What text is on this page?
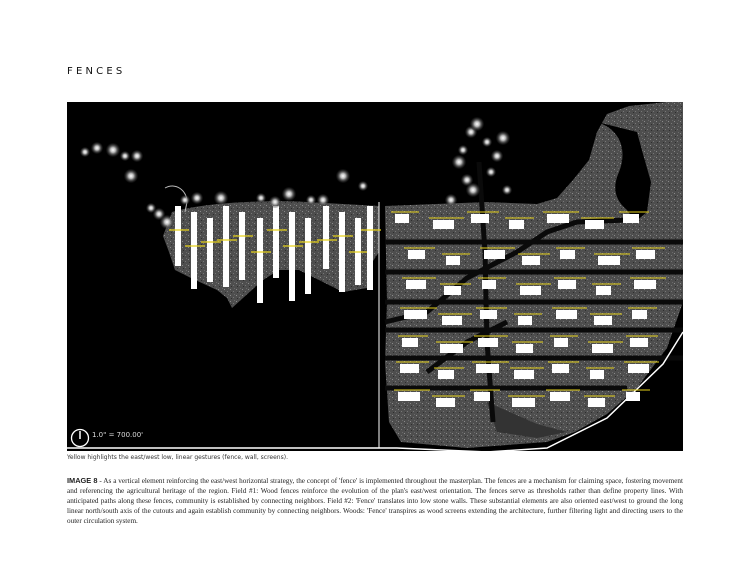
FENCES
1.0" = 700.00'
Yellow highlights the east/west low, linear gestures (fence, wall, screens).
IMAGE 8 - As a vertical element reinforcing the east/west horizontal strategy, the concept of 'fence' is implemented throughout the masterplan. The fences are a mechanism for claiming space, fostering movement and referencing the agricultural heritage of the region. Field #1: Wood fences reinforce the evolution of the plan's east/west orientation. The fences serve as thresholds rather than define property lines. With anticipated paths along these fences, community is established by connecting neighbors. Field #2: 'Fence' translates into low stone walls. These substantial elements are also oriented east/west to ground the long linear north/south axis of the cutouts and again establish community by connecting neighbors. Woods: 'Fence' transpires as wood screens extending the architecture, further filtering light and directing users to the outer circulation system.
